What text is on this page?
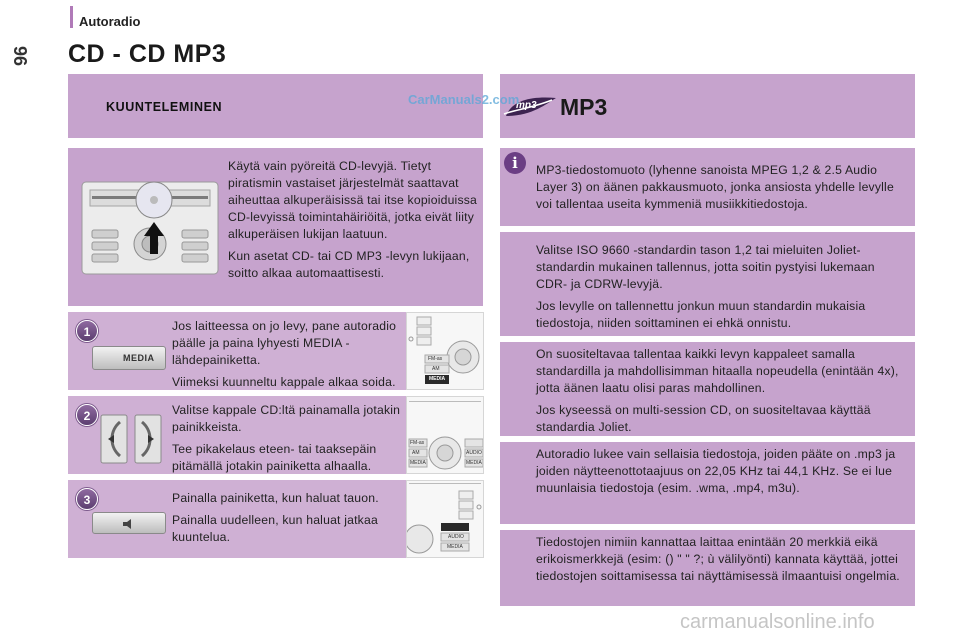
Autoradio
96 CD - CD MP3
KUUNTELEMINEN

Käytä vain pyöreitä CD-levyjä. Tietyt piratismin vastaiset järjestelmät saattavat aiheuttaa alkuperäisissä tai itse kopioiduissa CD-levyissä toimintahäiriöitä, jotka eivät liity alkuperäisen lukijan laatuun.

Kun asetat CD- tai CD MP3 -levyn lukijaan, soitto alkaa automaattisesti.

1
MEDIA

Jos laitteessa on jo levy, pane autoradio päälle ja paina lyhyesti MEDIA -lähdepainiketta.

Viimeksi kuunneltu kappale alkaa soida.

FM-as
AM
MEDIA
2	Valitse kappale CD:ltä painamalla jotakin painikkeista.

Tee pikakelaus eteen- tai taaksepäin pitämällä jotakin painiketta alhaalla.

FM-as
AM
MEDIA
AUDIO
MEDIA
3	Painalla painiketta, kun haluat tauon.

Painalla uudelleen, kun haluat jatkaa kuuntelua.	AUDIO
MEDIA
mp3 MP3
i	MP3-tiedostomuoto (lyhenne sanoista MPEG 1,2 & 2.5 Audio Layer 3) on äänen pakkausmuoto, jonka ansiosta yhdelle levylle voi tallentaa useita kymmeniä musiikkitiedostoja.

Valitse ISO 9660 -standardin tason 1,2 tai mieluiten Joliet-standardin mukainen tallennus, jotta soitin pystyisi lukemaan CDR- ja CDRW-levyjä.

Jos levylle on tallennettu jonkun muun standardin mukaisia tiedostoja, niiden soittaminen ei ehkä onnistu.

On suositeltavaa tallentaa kaikki levyn kappaleet samalla standardilla ja mahdollisimman hitaalla nopeudella (enintään 4x), jotta äänen laatu olisi paras mahdollinen.

Jos kyseessä on multi-session CD, on suositeltavaa käyttää standardia Joliet.

Autoradio lukee vain sellaisia tiedostoja, joiden pääte on .mp3 ja joiden näytteenottotaajuus on 22,05 KHz tai 44,1 KHz. Se ei lue muunlaisia tiedostoja (esim. .wma, .mp4, m3u).

Tiedostojen nimiin kannattaa laittaa enintään 20 merkkiä eikä erikoismerkkejä (esim: () " " ?; ù välilyönti) kannata käyttää, jottei tiedostojen soittamisessa tai näyttämisessä ilmaantuisi ongelmia.

CarManuals2.com
carmanualsonline.info
